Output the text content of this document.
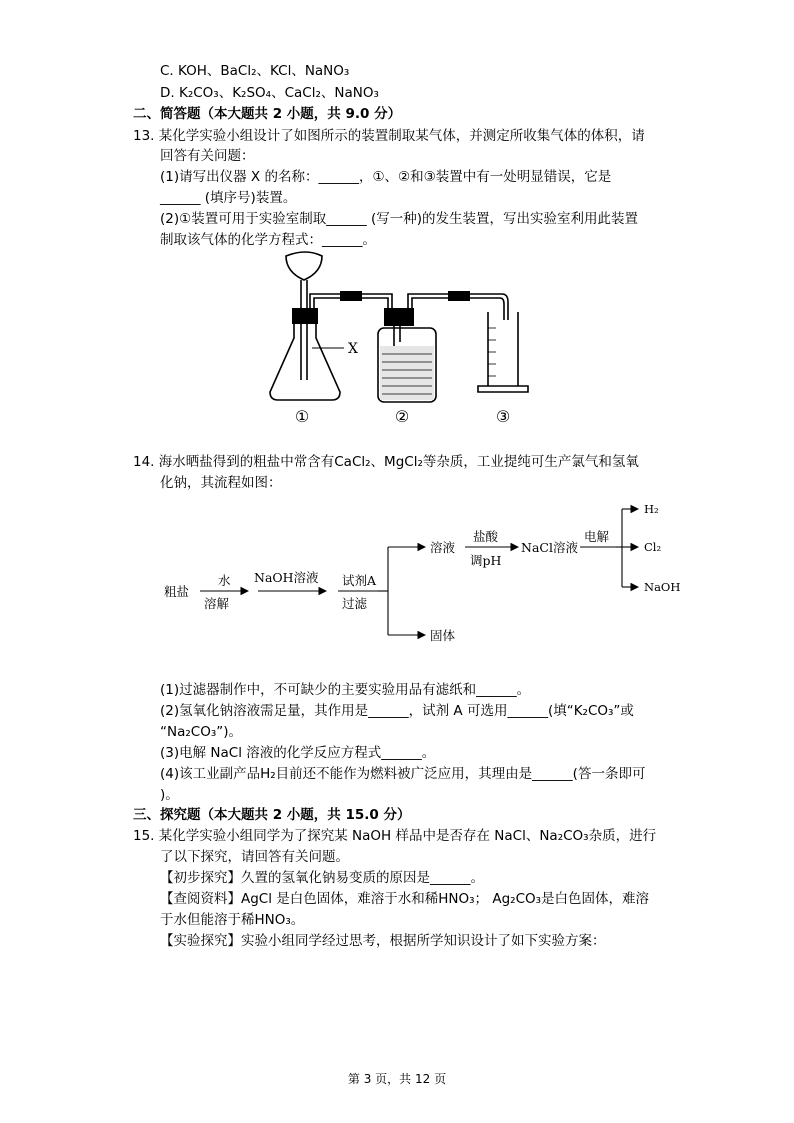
C. KOH、BaCl₂、KCl、NaNO₃
D. K₂CO₃、K₂SO₄、CaCl₂、NaNO₃
二、简答题（本大题共 2 小题，共 9.0 分）
13. 某化学实验小组设计了如图所示的装置制取某气体，并测定所收集气体的体积，请
回答有关问题：
(1)请写出仪器 X 的名称：______，①、②和③装置中有一处明显错误，它是
______ (填序号)装置。
(2)①装置可用于实验室制取______ (写一种)的发生装置，写出实验室利用此装置
制取该气体的化学方程式：______。
X
①	②	③
14. 海水晒盐得到的粗盐中常含有CaCl₂、MgCl₂等杂质，工业提纯可生产氯气和氢氧
化钠，其流程如图：
粗盐
水
溶解
NaOH溶液 试剂A
过滤
溶液
盐酸
调pH
NaCl溶液
电解
H₂
Cl₂
NaOH
固体
(1)过滤器制作中，不可缺少的主要实验用品有滤纸和______。
(2)氢氧化钠溶液需足量，其作用是______，试剂 A 可选用______(填“K₂CO₃”或
“Na₂CO₃”)。
(3)电解 NaCl 溶液的化学反应方程式______。
(4)该工业副产品H₂目前还不能作为燃料被广泛应用，其理由是______(答一条即可
)。
三、探究题（本大题共 2 小题，共 15.0 分）
15. 某化学实验小组同学为了探究某 NaOH 样品中是否存在 NaCl、Na₂CO₃杂质，进行
了以下探究，请回答有关问题。
【初步探究】久置的氢氧化钠易变质的原因是______。
【查阅资料】AgCl 是白色固体，难溶于水和稀HNO₃； Ag₂CO₃是白色固体，难溶
于水但能溶于稀HNO₃。
【实验探究】实验小组同学经过思考，根据所学知识设计了如下实验方案：
第 3 页，共 12 页
